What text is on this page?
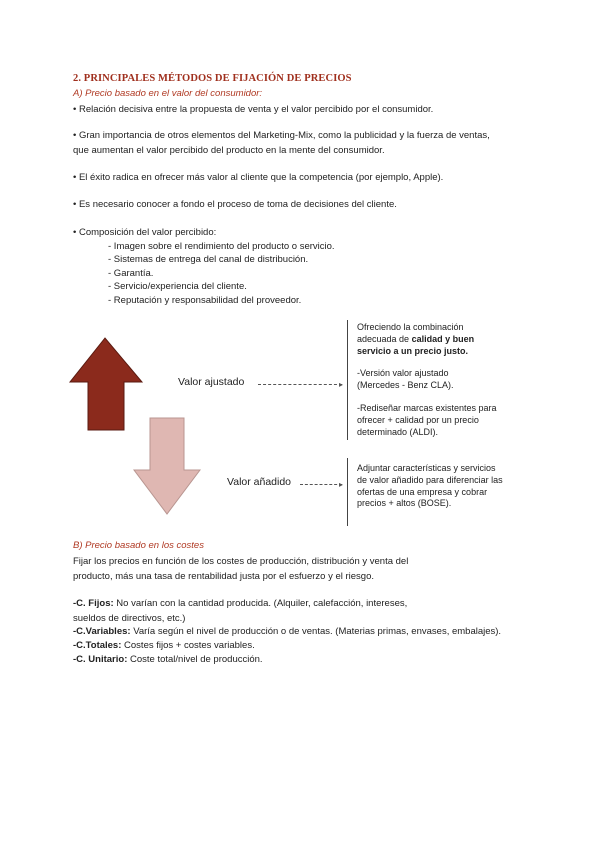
2. PRINCIPALES MÉTODOS DE FIJACIÓN DE PRECIOS
A) Precio basado en el valor del consumidor:
• Relación decisiva entre la propuesta de venta y el valor percibido por el consumidor.
• Gran importancia de otros elementos del Marketing-Mix, como la publicidad y la fuerza de ventas,
que aumentan el valor percibido del producto en la mente del consumidor.
• El éxito radica en ofrecer más valor al cliente que la competencia (por ejemplo, Apple).
• Es necesario conocer a fondo el proceso de toma de decisiones del cliente.
• Composición del valor percibido:
- Imagen sobre el rendimiento del producto o servicio.
- Sistemas de entrega del canal de distribución.
- Garantía.
- Servicio/experiencia del cliente.
- Reputación y responsabilidad del proveedor.
Valor ajustado	▸
Valor añadido	▸
Ofreciendo la combinación
adecuada de calidad y buen
servicio a un precio justo.
-Versión valor ajustado
(Mercedes - Benz CLA).
-Rediseñar marcas existentes para
ofrecer + calidad por un precio
determinado (ALDI).
Adjuntar características y servicios
de valor añadido para diferenciar las
ofertas de una empresa y cobrar
precios + altos (BOSE).
B) Precio basado en los costes
Fijar los precios en función de los costes de producción, distribución y venta del
producto, más una tasa de rentabilidad justa por el esfuerzo y el riesgo.
-C. Fijos: No varían con la cantidad producida. (Alquiler, calefacción, intereses,
sueldos de directivos, etc.)
-C.Variables: Varía según el nivel de producción o de ventas. (Materias primas, envases, embalajes).
-C.Totales: Costes fijos + costes variables.
-C. Unitario: Coste total/nivel de producción.
